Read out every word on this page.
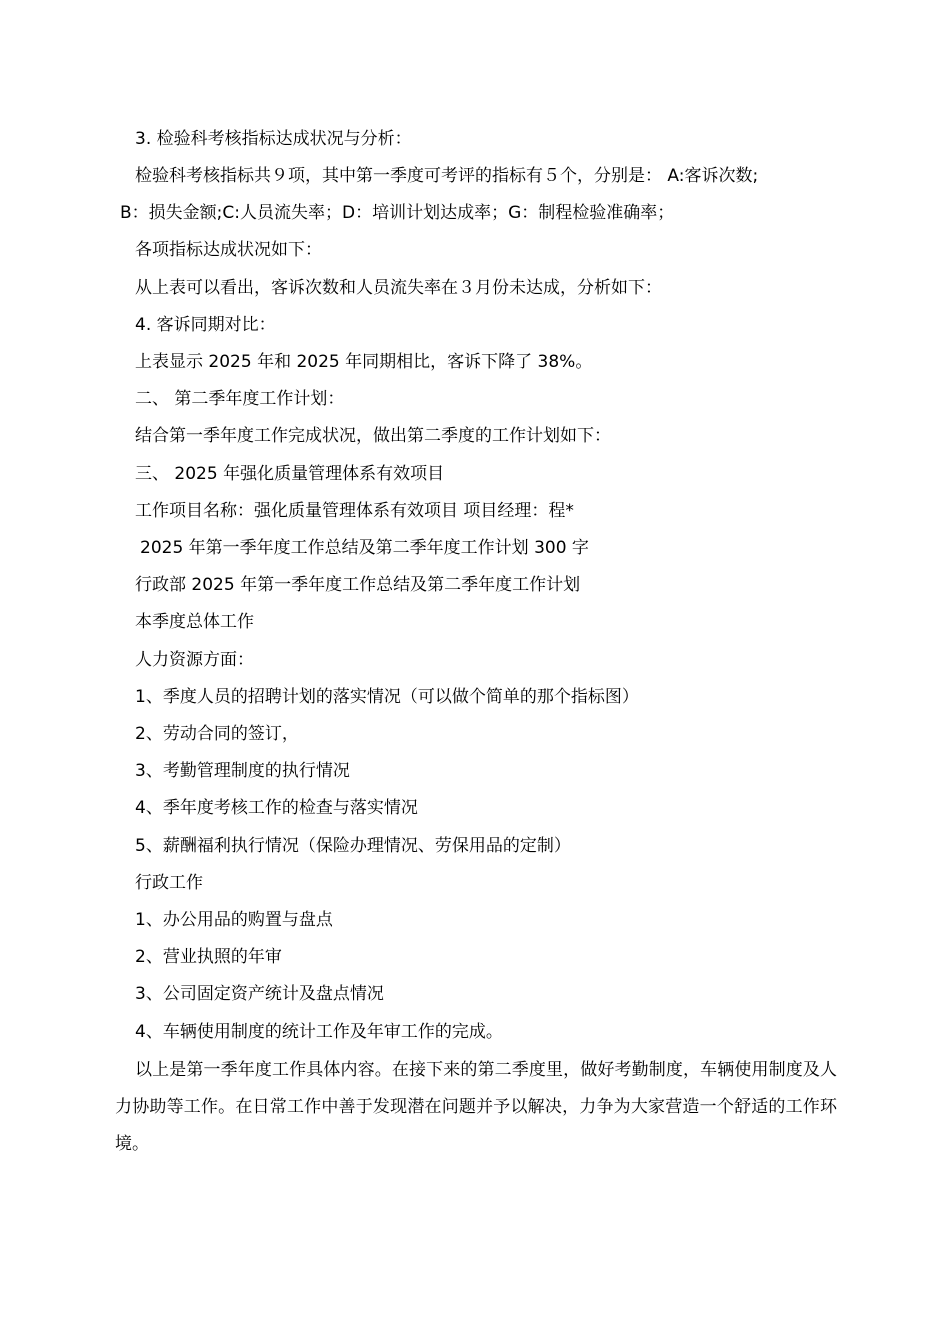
3. 检验科考核指标达成状况与分析：

检验科考核指标共９项，其中第一季度可考评的指标有５个，分别是： A:客诉次数;

B：损失金额;C:人员流失率；D：培训计划达成率；G：制程检验准确率；

各项指标达成状况如下：

从上表可以看出，客诉次数和人员流失率在３月份未达成，分析如下：

4. 客诉同期对比：

上表显示 2025 年和 2025 年同期相比，客诉下降了 38%。

二、 第二季年度工作计划：

结合第一季年度工作完成状况，做出第二季度的工作计划如下：

三、 2025 年强化质量管理体系有效项目

工作项目名称：强化质量管理体系有效项目 项目经理：程*

2025 年第一季年度工作总结及第二季年度工作计划 300 字

行政部 2025 年第一季年度工作总结及第二季年度工作计划

本季度总体工作

人力资源方面：

1、季度人员的招聘计划的落实情况（可以做个简单的那个指标图）

2、劳动合同的签订，

3、考勤管理制度的执行情况

4、季年度考核工作的检查与落实情况

5、薪酬福利执行情况（保险办理情况、劳保用品的定制）

行政工作

1、办公用品的购置与盘点

2、营业执照的年审

3、公司固定资产统计及盘点情况

4、车辆使用制度的统计工作及年审工作的完成。

以上是第一季年度工作具体内容。在接下来的第二季度里，做好考勤制度，车辆使用制度及人力协助等工作。在日常工作中善于发现潜在问题并予以解决，力争为大家营造一个舒适的工作环境。
